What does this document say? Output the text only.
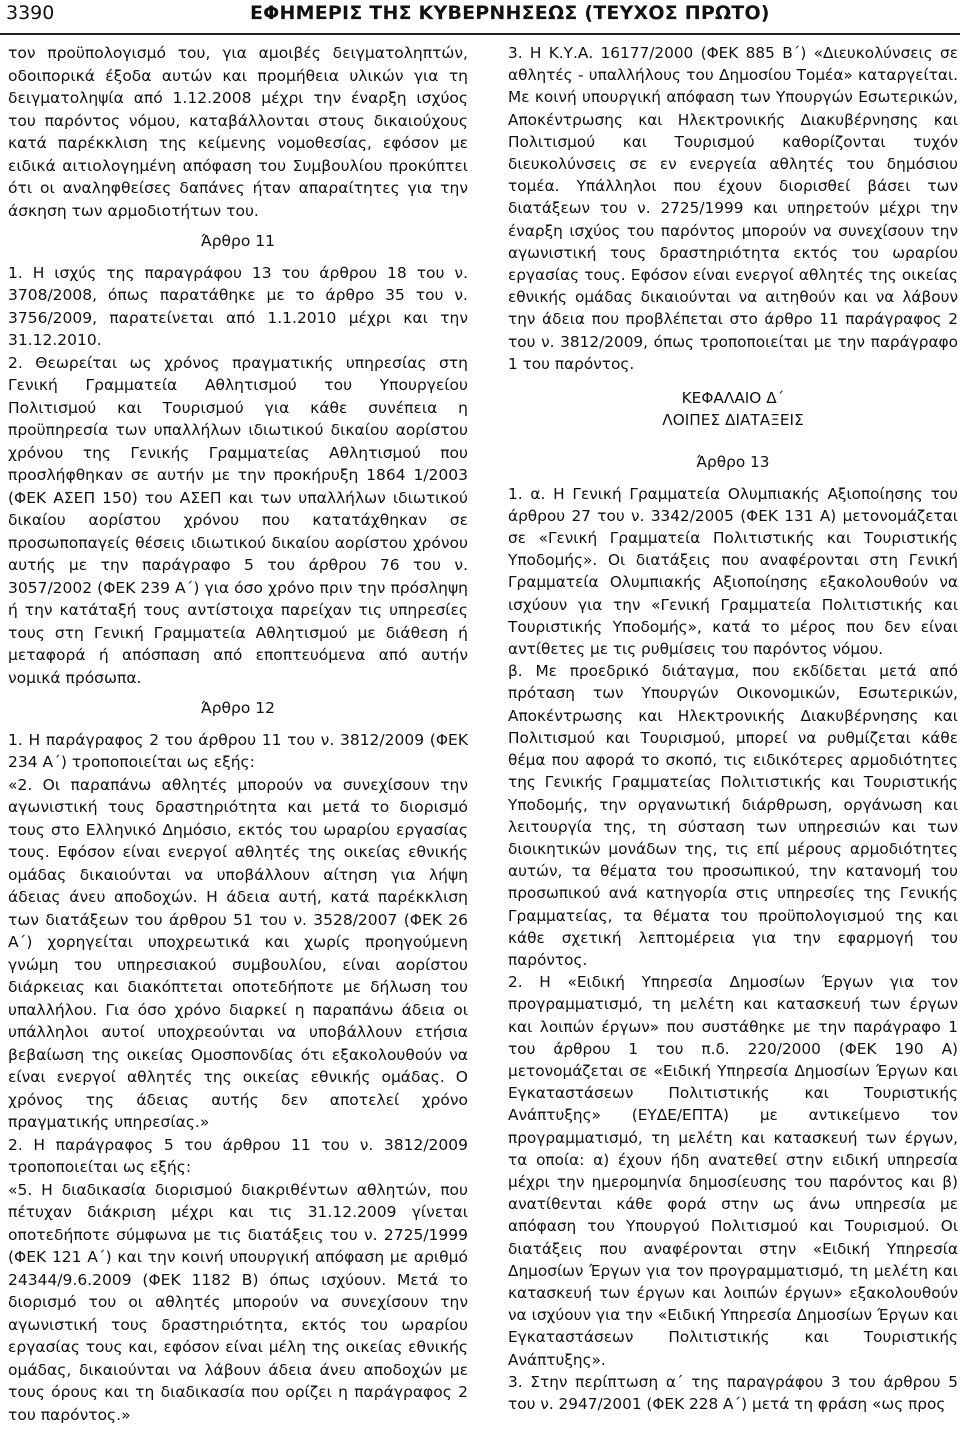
3390	ΕΦΗΜΕΡΙΣ ΤΗΣ ΚΥΒΕΡΝΗΣΕΩΣ (ΤΕΥΧΟΣ ΠΡΩΤΟ)

τον προϋπολογισμό του, για αμοιβές δειγματοληπτών, οδοιπορικά έξοδα αυτών και προμήθεια υλικών για τη δειγματοληψία από 1.12.2008 μέχρι την έναρξη ισχύος του παρόντος νόμου, καταβάλλονται στους δικαιούχους κατά παρέκκλιση της κείμενης νομοθεσίας, εφόσον με ειδικά αιτιολογημένη απόφαση του Συμβουλίου προκύπτει ότι οι αναληφθείσες δαπάνες ήταν απαραίτητες για την άσκηση των αρμοδιοτήτων του.

Άρθρο 11

1. Η ισχύς της παραγράφου 13 του άρθρου 18 του ν. 3708/2008, όπως παρατάθηκε με το άρθρο 35 του ν. 3756/2009, παρατείνεται από 1.1.2010 μέχρι και την 31.12.2010.

2. Θεωρείται ως χρόνος πραγματικής υπηρεσίας στη Γενική Γραμματεία Αθλητισμού του Υπουργείου Πολιτισμού και Τουρισμού για κάθε συνέπεια η προϋπηρεσία των υπαλλήλων ιδιωτικού δικαίου αορίστου χρόνου της Γενικής Γραμματείας Αθλητισμού που προσλήφθηκαν σε αυτήν με την προκήρυξη 1864 1/2003 (ΦΕΚ ΑΣΕΠ 150) του ΑΣΕΠ και των υπαλλήλων ιδιωτικού δικαίου αορίστου χρόνου που κατατάχθηκαν σε προσωποπαγείς θέσεις ιδιωτικού δικαίου αορίστου χρόνου αυτής με την παράγραφο 5 του άρθρου 76 του ν. 3057/2002 (ΦΕΚ 239 Α΄) για όσο χρόνο πριν την πρόσληψη ή την κατάταξή τους αντίστοιχα παρείχαν τις υπηρεσίες τους στη Γενική Γραμματεία Αθλητισμού με διάθεση ή μεταφορά ή απόσπαση από εποπτευόμενα από αυτήν νομικά πρόσωπα.

Άρθρο 12

1. Η παράγραφος 2 του άρθρου 11 του ν. 3812/2009 (ΦΕΚ 234 Α΄) τροποποιείται ως εξής:

«2. Οι παραπάνω αθλητές μπορούν να συνεχίσουν την αγωνιστική τους δραστηριότητα και μετά το διορισμό τους στο Ελληνικό Δημόσιο, εκτός του ωραρίου εργασίας τους. Εφόσον είναι ενεργοί αθλητές της οικείας εθνικής ομάδας δικαιούνται να υποβάλλουν αίτηση για λήψη άδειας άνευ αποδοχών. Η άδεια αυτή, κατά παρέκκλιση των διατάξεων του άρθρου 51 του ν. 3528/2007 (ΦΕΚ 26 Α΄) χορηγείται υποχρεωτικά και χωρίς προηγούμενη γνώμη του υπηρεσιακού συμβουλίου, είναι αορίστου διάρκειας και διακόπτεται οποτεδήποτε με δήλωση του υπαλλήλου. Για όσο χρόνο διαρκεί η παραπάνω άδεια οι υπάλληλοι αυτοί υποχρεούνται να υποβάλλουν ετήσια βεβαίωση της οικείας Ομοσπονδίας ότι εξακολουθούν να είναι ενεργοί αθλητές της οικείας εθνικής ομάδας. Ο χρόνος της άδειας αυτής δεν αποτελεί χρόνο πραγματικής υπηρεσίας.»

2. Η παράγραφος 5 του άρθρου 11 του ν. 3812/2009 τροποποιείται ως εξής:

«5. Η διαδικασία διορισμού διακριθέντων αθλητών, που πέτυχαν διάκριση μέχρι και τις 31.12.2009 γίνεται οποτεδήποτε σύμφωνα με τις διατάξεις του ν. 2725/1999 (ΦΕΚ 121 Α΄) και την κοινή υπουργική απόφαση με αριθμό 24344/9.6.2009 (ΦΕΚ 1182 Β) όπως ισχύουν. Μετά το διορισμό του οι αθλητές μπορούν να συνεχίσουν την αγωνιστική τους δραστηριότητα, εκτός του ωραρίου εργασίας τους και, εφόσον είναι μέλη της οικείας εθνικής ομάδας, δικαιούνται να λάβουν άδεια άνευ αποδοχών με τους όρους και τη διαδικασία που ορίζει η παράγραφος 2 του παρόντος.»

3. Η Κ.Υ.Α. 16177/2000 (ΦΕΚ 885 Β΄) «Διευκολύνσεις σε αθλητές - υπαλλήλους του Δημοσίου Τομέα» καταργείται. Με κοινή υπουργική απόφαση των Υπουργών Εσωτερικών, Αποκέντρωσης και Ηλεκτρονικής Διακυβέρνησης και Πολιτισμού και Τουρισμού καθορίζονται τυχόν διευκολύνσεις σε εν ενεργεία αθλητές του δημόσιου τομέα. Υπάλληλοι που έχουν διορισθεί βάσει των διατάξεων του ν. 2725/1999 και υπηρετούν μέχρι την έναρξη ισχύος του παρόντος μπορούν να συνεχίσουν την αγωνιστική τους δραστηριότητα εκτός του ωραρίου εργασίας τους. Εφόσον είναι ενεργοί αθλητές της οικείας εθνικής ομάδας δικαιούνται να αιτηθούν και να λάβουν την άδεια που προβλέπεται στο άρθρο 11 παράγραφος 2 του ν. 3812/2009, όπως τροποποιείται με την παράγραφο 1 του παρόντος.

ΚΕΦΑΛΑΙΟ Δ΄

ΛΟΙΠΕΣ ΔΙΑΤΑΞΕΙΣ

Άρθρο 13

1. α. Η Γενική Γραμματεία Ολυμπιακής Αξιοποίησης του άρθρου 27 του ν. 3342/2005 (ΦΕΚ 131 Α) μετονομάζεται σε «Γενική Γραμματεία Πολιτιστικής και Τουριστικής Υποδομής». Οι διατάξεις που αναφέρονται στη Γενική Γραμματεία Ολυμπιακής Αξιοποίησης εξακολουθούν να ισχύουν για την «Γενική Γραμματεία Πολιτιστικής και Τουριστικής Υποδομής», κατά το μέρος που δεν είναι αντίθετες με τις ρυθμίσεις του παρόντος νόμου.

β. Με προεδρικό διάταγμα, που εκδίδεται μετά από πρόταση των Υπουργών Οικονομικών, Εσωτερικών, Αποκέντρωσης και Ηλεκτρονικής Διακυβέρνησης και Πολιτισμού και Τουρισμού, μπορεί να ρυθμίζεται κάθε θέμα που αφορά το σκοπό, τις ειδικότερες αρμοδιότητες της Γενικής Γραμματείας Πολιτιστικής και Τουριστικής Υποδομής, την οργανωτική διάρθρωση, οργάνωση και λειτουργία της, τη σύσταση των υπηρεσιών και των διοικητικών μονάδων της, τις επί μέρους αρμοδιότητες αυτών, τα θέματα του προσωπικού, την κατανομή του προσωπικού ανά κατηγορία στις υπηρεσίες της Γενικής Γραμματείας, τα θέματα του προϋπολογισμού της και κάθε σχετική λεπτομέρεια για την εφαρμογή του παρόντος.

2. Η «Ειδική Υπηρεσία Δημοσίων Έργων για τον προγραμματισμό, τη μελέτη και κατασκευή των έργων και λοιπών έργων» που συστάθηκε με την παράγραφο 1 του άρθρου 1 του π.δ. 220/2000 (ΦΕΚ 190 Α) μετονομάζεται σε «Ειδική Υπηρεσία Δημοσίων Έργων και Εγκαταστάσεων Πολιτιστικής και Τουριστικής Ανάπτυξης» (ΕΥΔΕ/ΕΠΤΑ) με αντικείμενο τον προγραμματισμό, τη μελέτη και κατασκευή των έργων, τα οποία: α) έχουν ήδη ανατεθεί στην ειδική υπηρεσία μέχρι την ημερομηνία δημοσίευσης του παρόντος και β) ανατίθενται κάθε φορά στην ως άνω υπηρεσία με απόφαση του Υπουργού Πολιτισμού και Τουρισμού. Οι διατάξεις που αναφέρονται στην «Ειδική Υπηρεσία Δημοσίων Έργων για τον προγραμματισμό, τη μελέτη και κατασκευή των έργων και λοιπών έργων» εξακολουθούν να ισχύουν για την «Ειδική Υπηρεσία Δημοσίων Έργων και Εγκαταστάσεων Πολιτιστικής και Τουριστικής Ανάπτυξης».

3. Στην περίπτωση α΄ της παραγράφου 3 του άρθρου 5 του ν. 2947/2001 (ΦΕΚ 228 Α΄) μετά τη φράση «ως προς
